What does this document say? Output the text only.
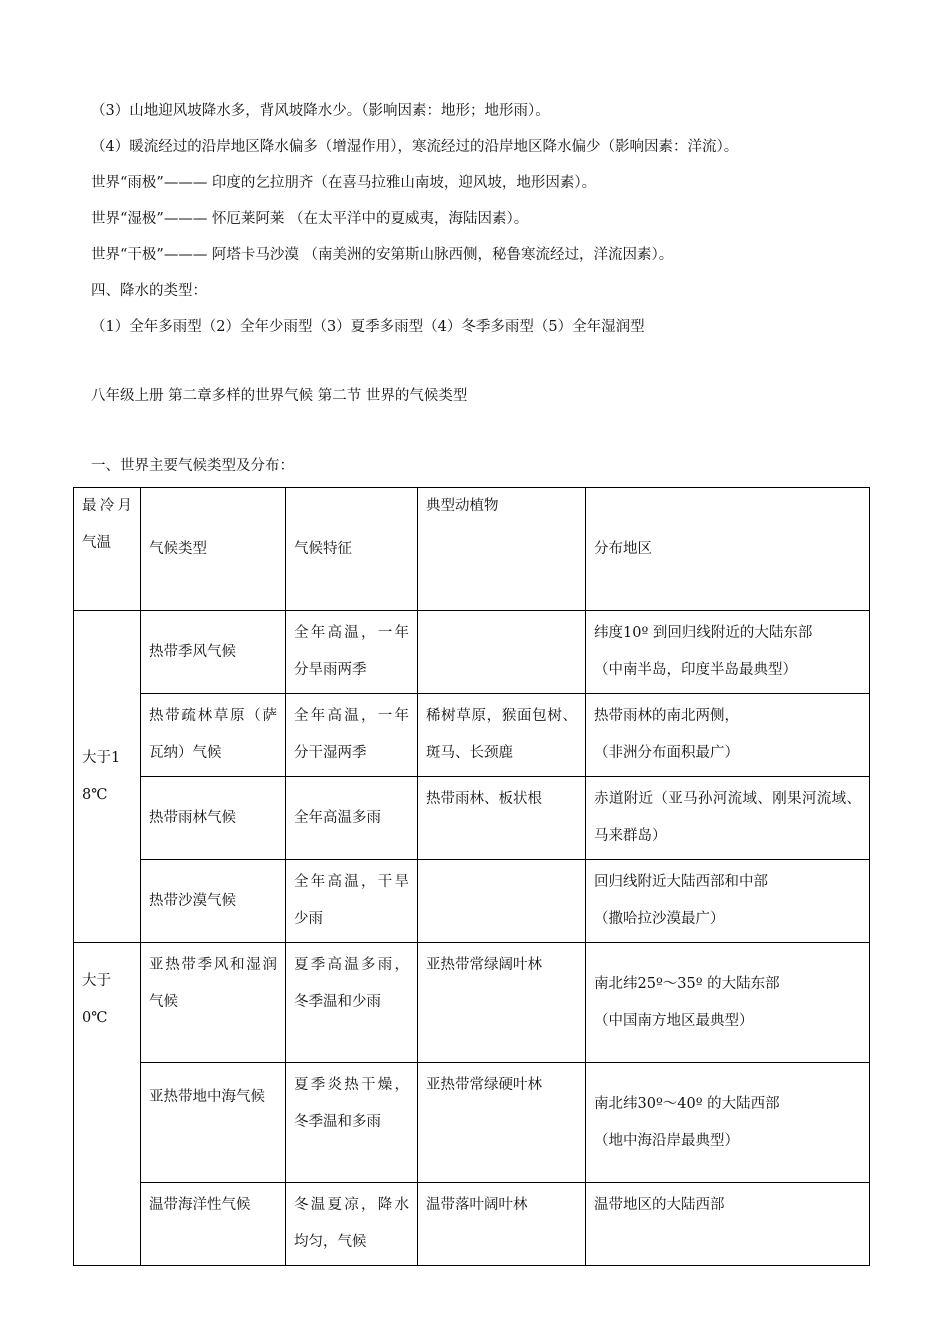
（3）山地迎风坡降水多，背风坡降水少。（影响因素：地形；地形雨）。
（4）暖流经过的沿岸地区降水偏多（增湿作用），寒流经过的沿岸地区降水偏少（影响因素：洋流）。
世界“雨极”——— 印度的乞拉朋齐（在喜马拉雅山南坡，迎风坡，地形因素）。
世界“湿极”——— 怀厄莱阿莱 （在太平洋中的夏威夷，海陆因素）。
世界“干极”——— 阿塔卡马沙漠 （南美洲的安第斯山脉西侧，秘鲁寒流经过，洋流因素）。
四、降水的类型：
（1）全年多雨型（2）全年少雨型（3）夏季多雨型（4）冬季多雨型（5）全年湿润型
八年级上册 第二章多样的世界气候 第二节 世界的气候类型
一、世界主要气候类型及分布：
最冷月气温	气候类型	气候特征	典型动植物	分布地区
大于18℃	热带季风气候	全年高温，一年分旱雨两季		纬度10º 到回归线附近的大陆东部
（中南半岛，印度半岛最典型）

	热带疏林草原（萨瓦纳）气候	全年高温，一年分干湿两季	稀树草原，猴面包树、斑马、长颈鹿	热带雨林的南北两侧，
（非洲分布面积最广）

	热带雨林气候	全年高温多雨	热带雨林、板状根	赤道附近（亚马孙河流域、刚果河流域、马来群岛）
	热带沙漠气候	全年高温，干旱少雨		回归线附近大陆西部和中部
（撒哈拉沙漠最广）

大于0℃	亚热带季风和湿润气候	夏季高温多雨，冬季温和少雨	亚热带常绿阔叶林	南北纬25º～35º 的大陆东部
（中国南方地区最典型）

	亚热带地中海气候	夏季炎热干燥，冬季温和多雨	亚热带常绿硬叶林	南北纬30º～40º 的大陆西部
（地中海沿岸最典型）

	温带海洋性气候	冬温夏凉，降水均匀，气候	温带落叶阔叶林	温带地区的大陆西部
